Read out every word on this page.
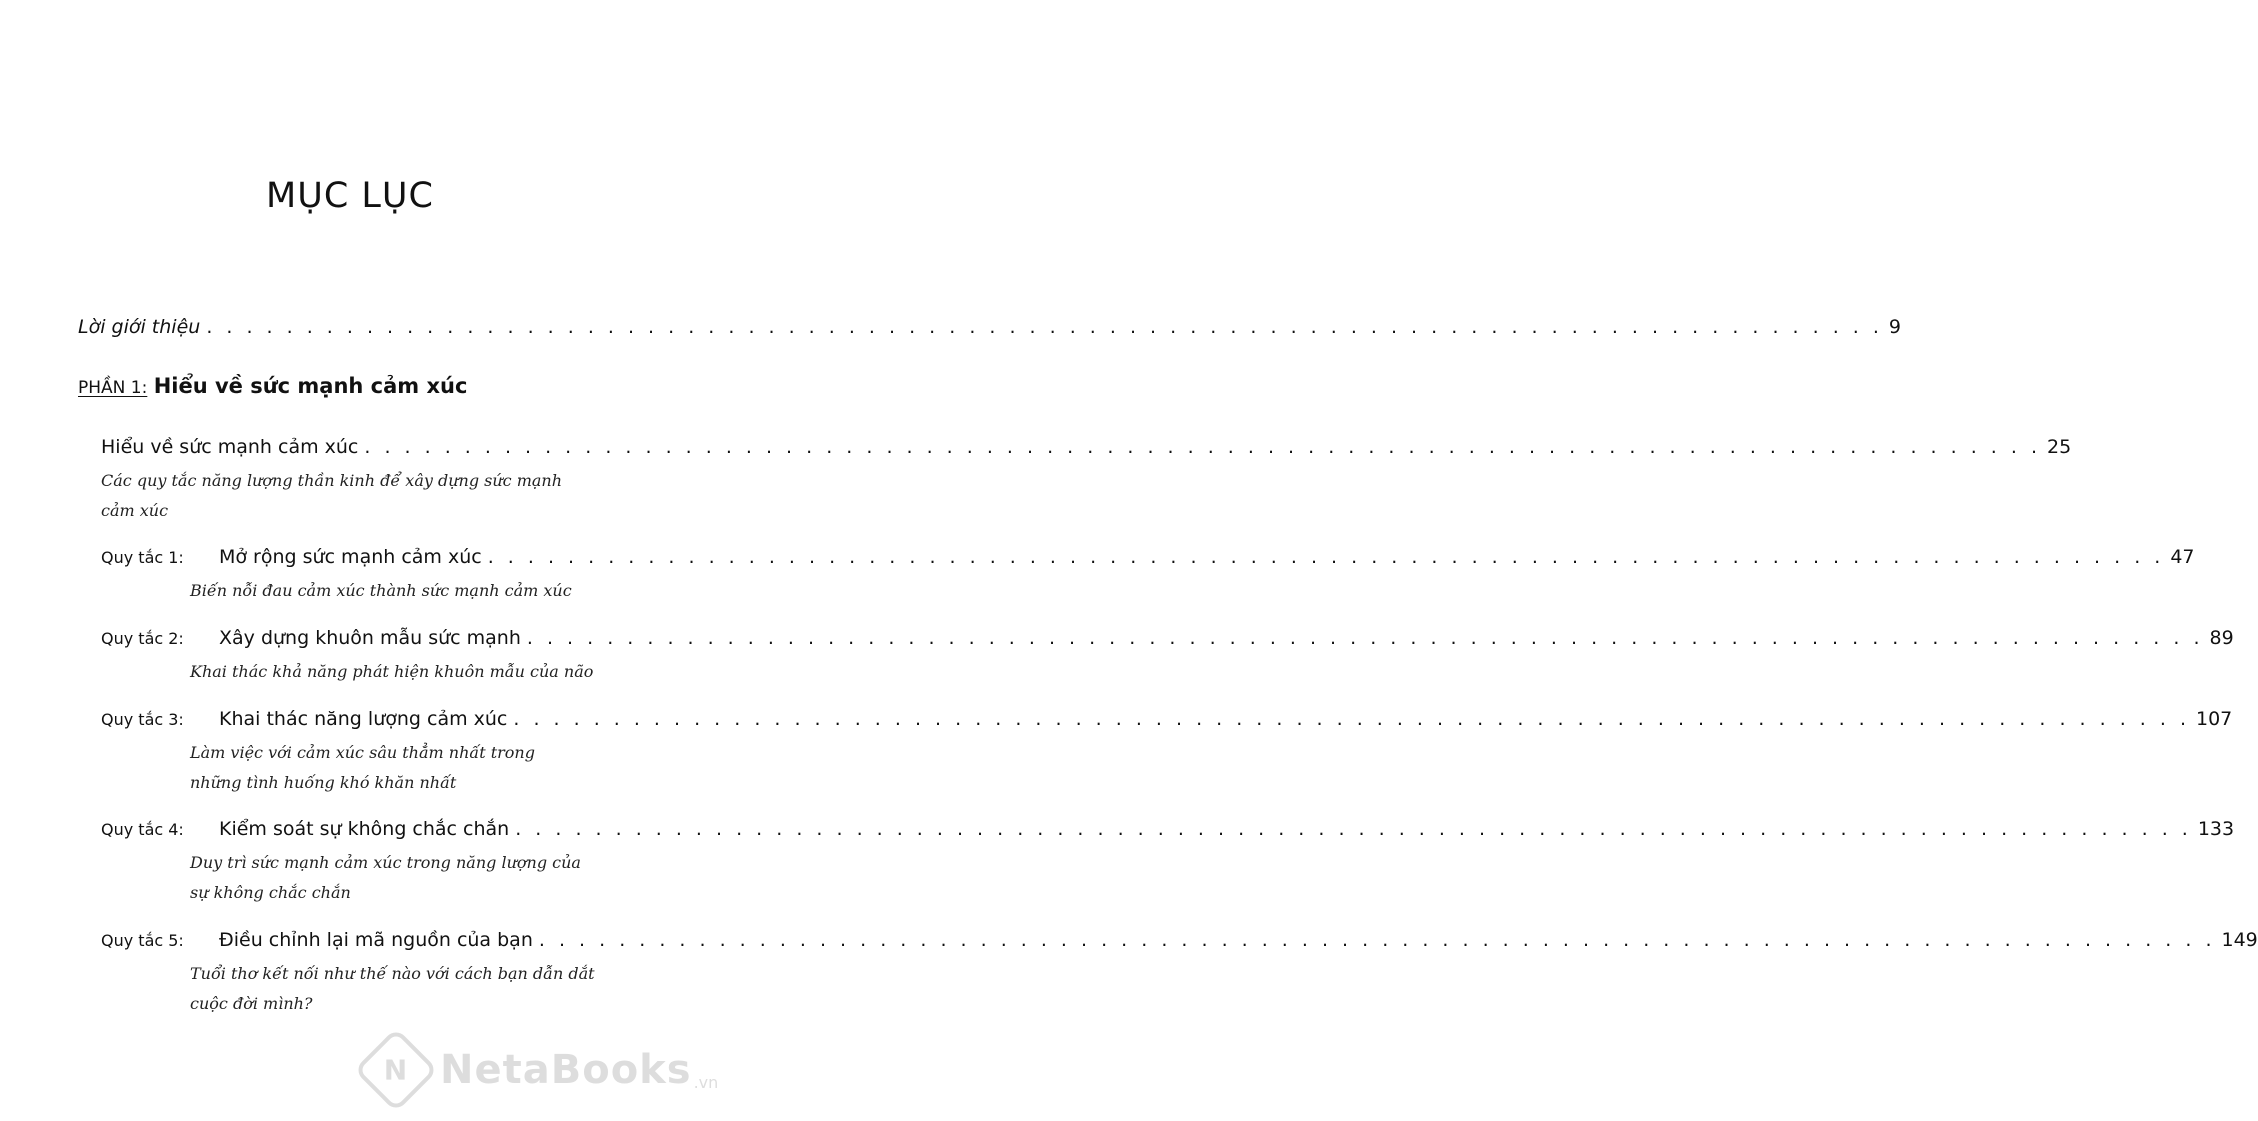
MỤC LỤC
Lời giới thiệu . . .	9
PHẦN 1: Hiểu về sức mạnh cảm xúc
Hiểu về sức mạnh cảm xúc . . .	25
Các quy tắc năng lượng thần kinh để xây dựng sức mạnh
cảm xúc
Quy tắc 1:	Mở rộng sức mạnh cảm xúc . . .	47
Biến nỗi đau cảm xúc thành sức mạnh cảm xúc
Quy tắc 2:	Xây dựng khuôn mẫu sức mạnh . . .	89
Khai thác khả năng phát hiện khuôn mẫu của não
Quy tắc 3:	Khai thác năng lượng cảm xúc . . .	107
Làm việc với cảm xúc sâu thẳm nhất trong
những tình huống khó khăn nhất
Quy tắc 4:	Kiểm soát sự không chắc chắn . . .	133
Duy trì sức mạnh cảm xúc trong năng lượng của
sự không chắc chắn
Quy tắc 5:	Điều chỉnh lại mã nguồn của bạn . . .	149
Tuổi thơ kết nối như thế nào với cách bạn dẫn dắt
cuộc đời mình?
N NetaBooks .vn
